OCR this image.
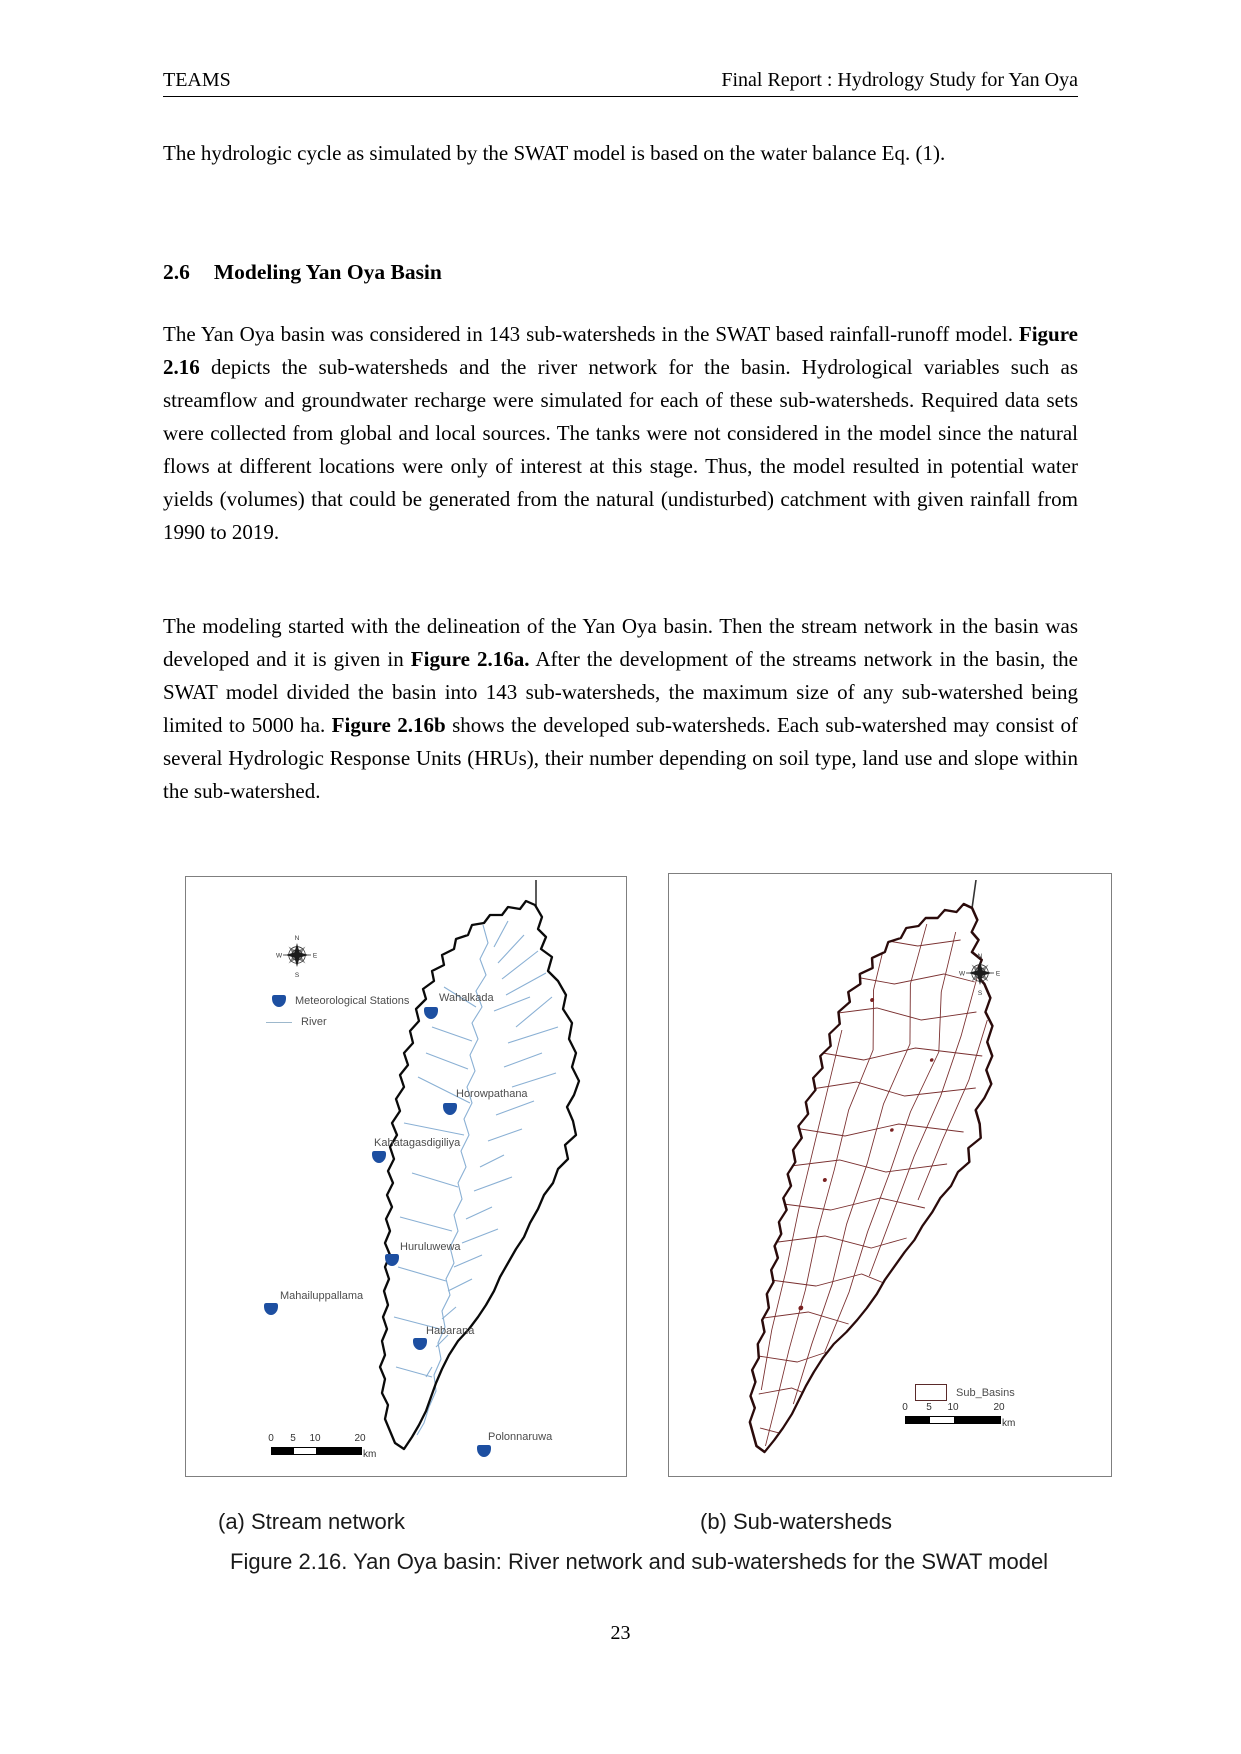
TEAMS	Final Report : Hydrology Study for Yan Oya
The hydrologic cycle as simulated by the SWAT model is based on the water balance Eq. (1).
2.6 Modeling Yan Oya Basin
The Yan Oya basin was considered in 143 sub-watersheds in the SWAT based rainfall-runoff model. Figure 2.16 depicts the sub-watersheds and the river network for the basin. Hydrological variables such as streamflow and groundwater recharge were simulated for each of these sub-watersheds. Required data sets were collected from global and local sources. The tanks were not considered in the model since the natural flows at different locations were only of interest at this stage. Thus, the model resulted in potential water yields (volumes) that could be generated from the natural (undisturbed) catchment with given rainfall from 1990 to 2019.
The modeling started with the delineation of the Yan Oya basin. Then the stream network in the basin was developed and it is given in Figure 2.16a. After the development of the streams network in the basin, the SWAT model divided the basin into 143 sub-watersheds, the maximum size of any sub-watershed being limited to 5000 ha. Figure 2.16b shows the developed sub-watersheds. Each sub-watershed may consist of several Hydrologic Response Units (HRUs), their number depending on soil type, land use and slope within the sub-watershed.
N
E
S
W
Meteorological Stations
River
Wahalkada
Horowpathana
Kahatagasdigiliya
Huruluwewa
Mahailuppallama
Habarana
Polonnaruwa
0 5 10	20
km
N
E
S
W
Sub_Basins
0 5 10	20
km
(a) Stream network	(b) Sub-watersheds
Figure 2.16. Yan Oya basin: River network and sub-watersheds for the SWAT model
23
